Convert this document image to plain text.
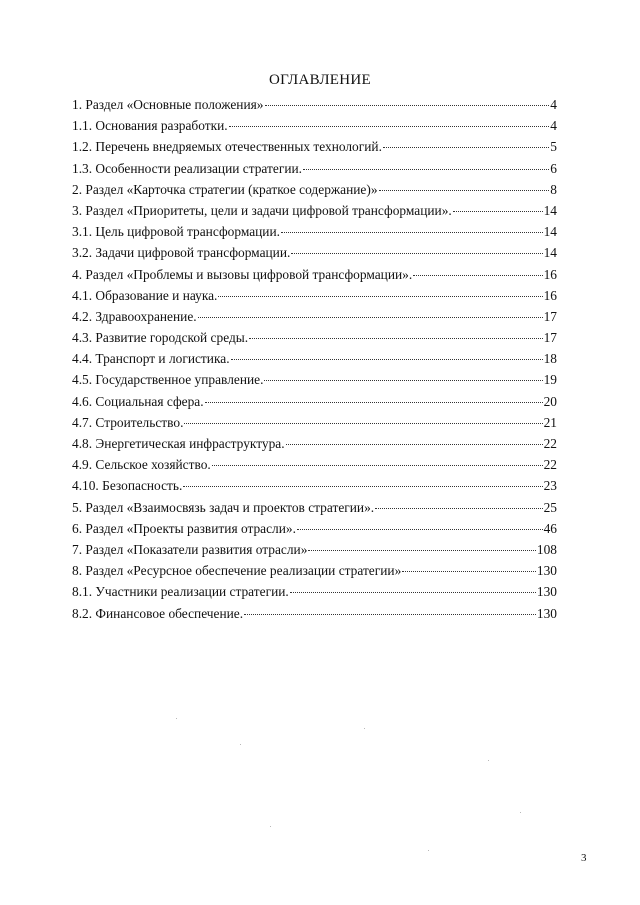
ОГЛАВЛЕНИЕ
1. Раздел «Основные положения»	4
1.1. Основания разработки.	4
1.2. Перечень внедряемых отечественных технологий.	5
1.3. Особенности реализации стратегии.	6
2. Раздел «Карточка стратегии (краткое содержание)»	8
3. Раздел «Приоритеты, цели и задачи цифровой трансформации».	14
3.1. Цель цифровой трансформации.	14
3.2. Задачи цифровой трансформации.	14
4. Раздел «Проблемы и вызовы цифровой трансформации».	16
4.1. Образование и наука.	16
4.2. Здравоохранение.	17
4.3. Развитие городской среды.	17
4.4. Транспорт и логистика.	18
4.5. Государственное управление.	19
4.6. Социальная сфера.	20
4.7. Строительство.	21
4.8. Энергетическая инфраструктура.	22
4.9. Сельское хозяйство.	22
4.10. Безопасность.	23
5. Раздел «Взаимосвязь задач и проектов стратегии».	25
6. Раздел «Проекты развития отрасли».	46
7. Раздел «Показатели развития отрасли»	108
8. Раздел «Ресурсное обеспечение реализации стратегии»	130
8.1. Участники реализации стратегии.	130
8.2. Финансовое обеспечение.	130
3
